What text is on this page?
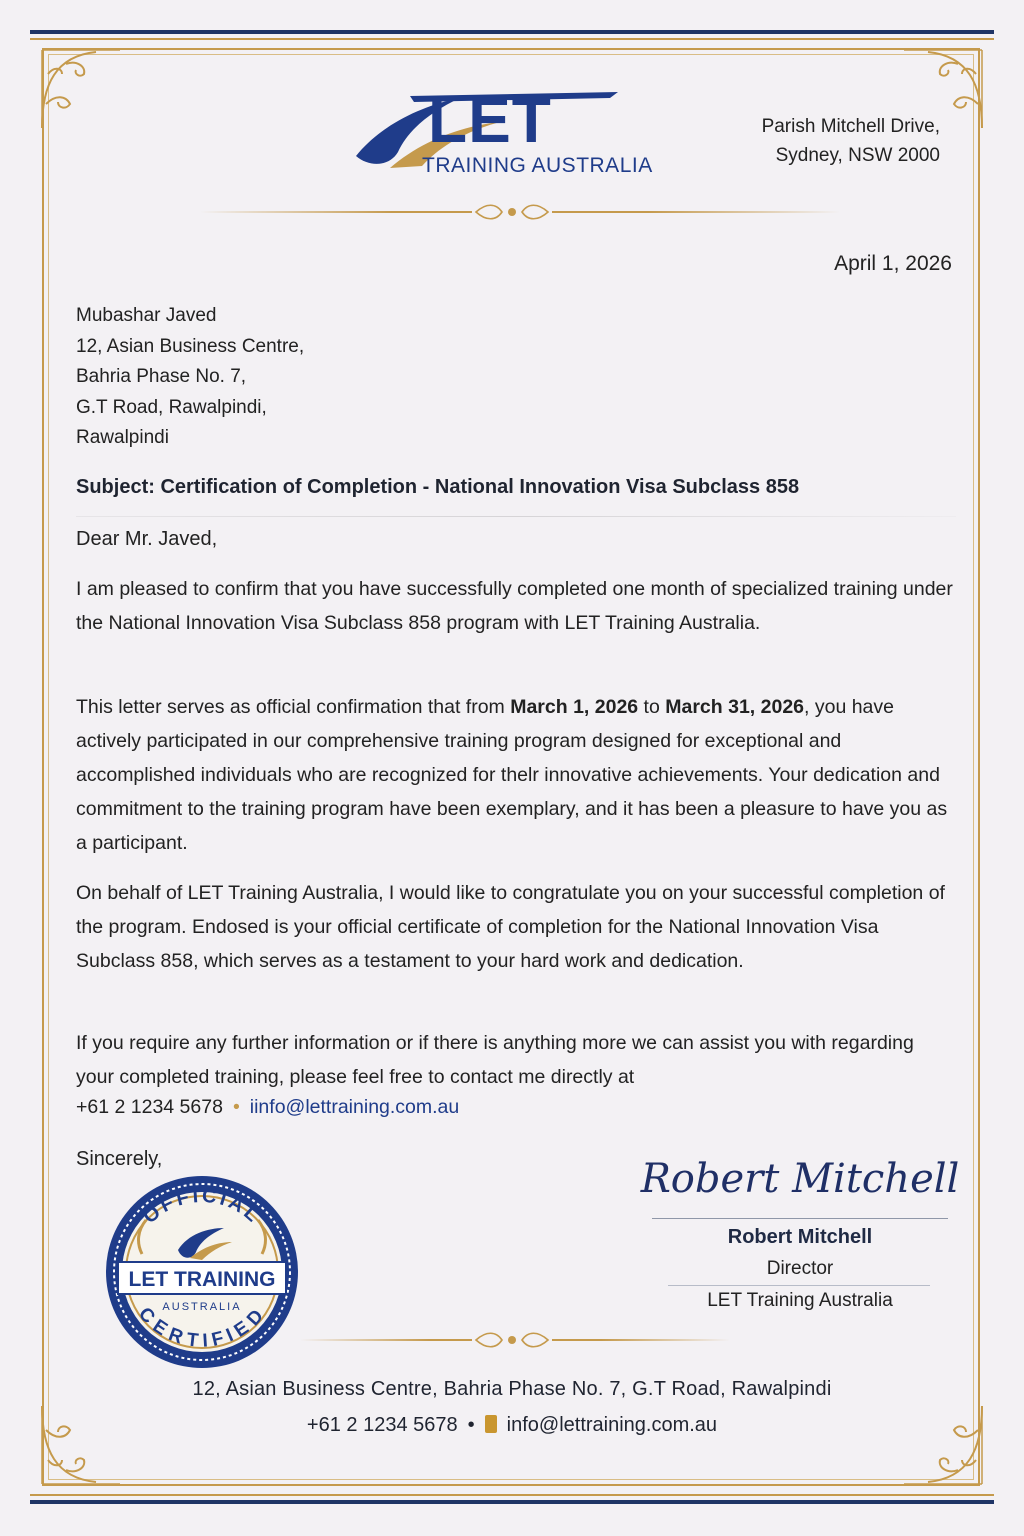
LET
TRAINING AUSTRALIA
Parish Mitchell Drive,
Sydney, NSW 2000
April 1, 2026
Mubashar Javed
12, Asian Business Centre,
Bahria Phase No. 7,
G.T Road, Rawalpindi,
Rawalpindi
Subject: Certification of Completion - National Innovation Visa Subclass 858
Dear Mr. Javed,
I am pleased to confirm that you have successfully completed one month of specialized training under the National Innovation Visa Subclass 858 program with LET Training Australia.
This letter serves as official confirmation that from March 1, 2026 to March 31, 2026, you have actively participated in our comprehensive training program designed for exceptional and accomplished individuals who are recognized for thelr innovative achievements. Your dedication and commitment to the training program have been exemplary, and it has been a pleasure to have you as a participant.
On behalf of LET Training Australia, I would like to congratulate you on your successful completion of the program. Endosed is your official certificate of completion for the National Innovation Visa Subclass 858, which serves as a testament to your hard work and dedication.
If you require any further information or if there is anything more we can assist you with regarding your completed training, please feel free to contact me directly at
+61 2 1234 5678 • iinfo@lettraining.com.au
Sincerely,
OFFICIAL
CERTIFIED
LET TRAINING
AUSTRALIA
Robert Mitchell
Robert Mitchell
Director
LET Training Australia
12, Asian Business Centre, Bahria Phase No. 7, G.T Road, Rawalpindi
+61 2 1234 5678 • info@lettraining.com.au
